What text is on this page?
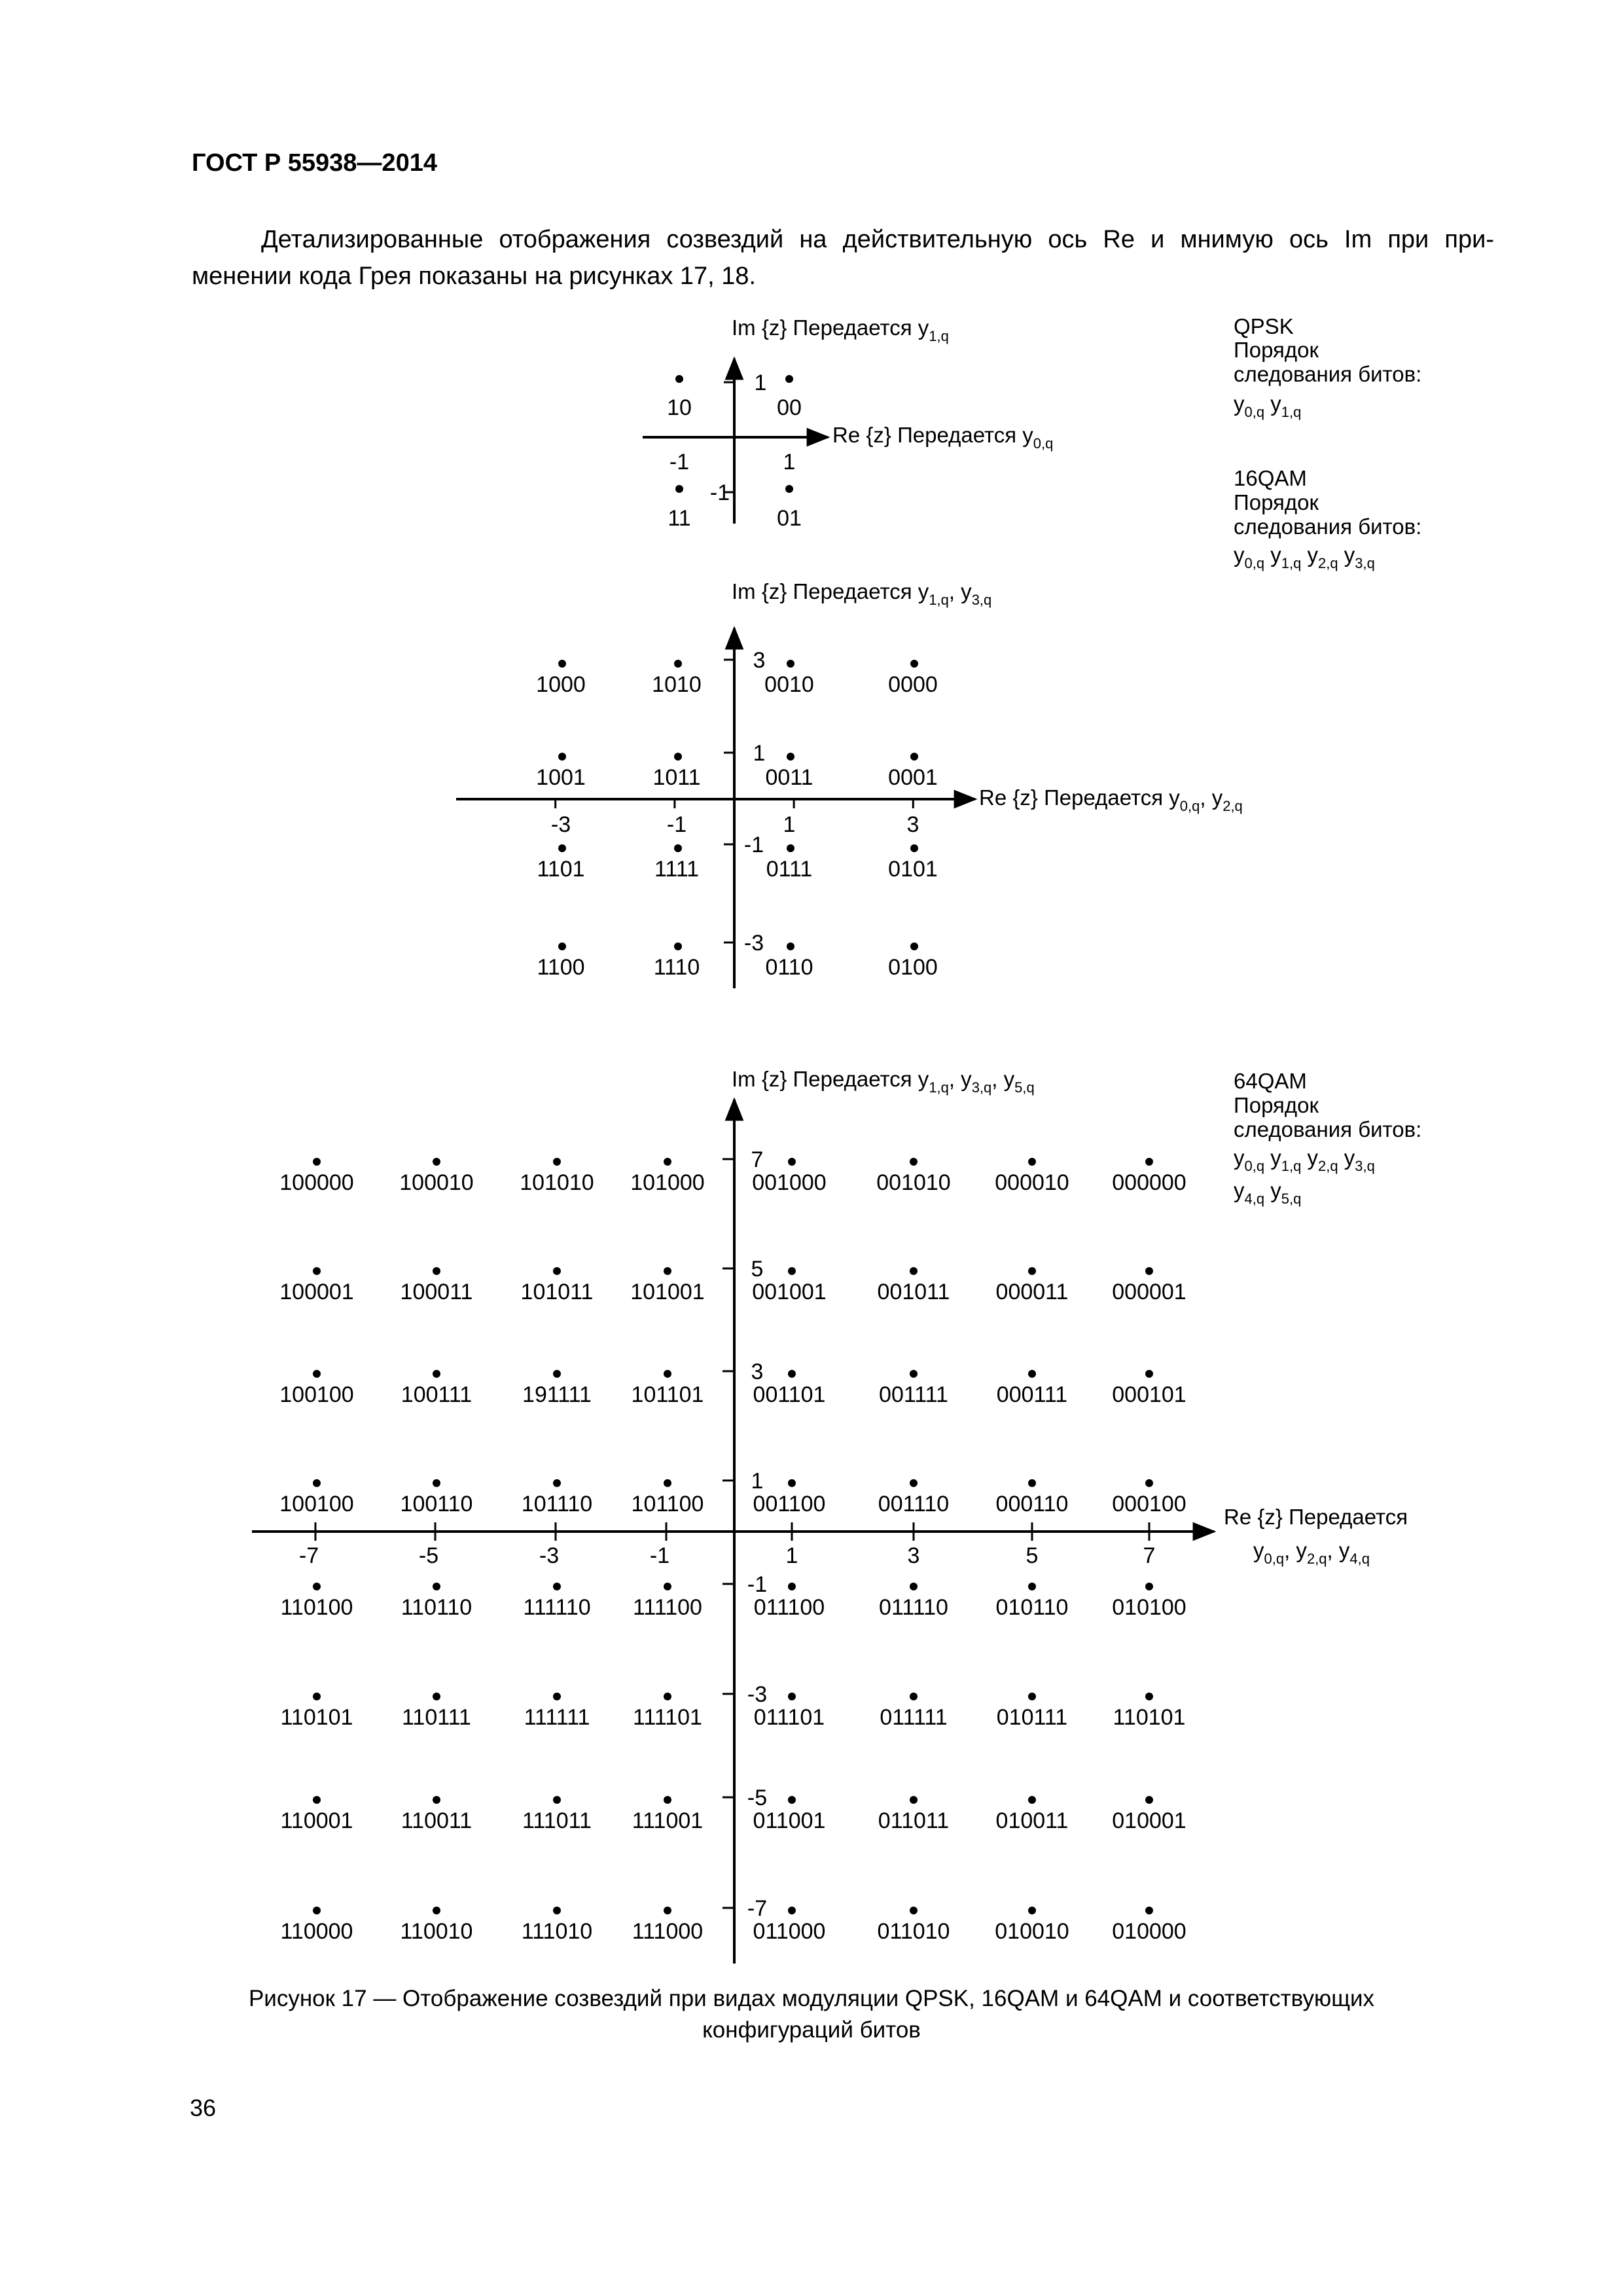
ГОСТ Р 55938—2014
Детализированные отображения созвездий на действительную ось Re и мнимую ось Im при при-
менении кода Грея показаны на рисунках 17, 18.
1
-1
-1	1
10	00
11	01
Im {z} Передается $y_{1,q}$
Re {z} Передается $y_{0,q}$
-3	-1	1	3
3
1
-1
-3
1000	1010	0010	0000
1001	1011	0011	0001
1101	1111	0111	0101
1100	1110	0110	0100
Im {z} Передается $y_{1,q}$, $y_{3,q}$
Re {z} Передается $y_{0,q}$, $y_{2,q}$
-7	-5	-3	-1	1	3	5	7
7
5
3
1
-1
-3
-5
-7
100000 100010 101010 101000 001000 001010 000010 000000
100001 100011 101011 101001 001001 001011 000011 000001
100100 100111 191111 101101 001101 001111 000111 000101
100100 100110 101110 101100 001100 001110 000110 000100
110100 110110 111110 111100 011100 011110 010110 010100
110101 110111 111111 111101 011101 011111 010111 110101
110001 110011 111011 111001 011001 011011 010011 010001
110000 110010 111010 111000 011000 011010 010010 010000
Im {z} Передается $y_{1,q}$, $y_{3,q}$, $y_{5,q}$
Re {z} Передается
$y_{0,q}$, $y_{2,q}$, $y_{4,q}$
QPSK
Порядок
следования битов:
$y_{0,q}$ $y_{1,q}$
16QAM
Порядок
следования битов:
$y_{0,q}$ $y_{1,q}$ $y_{2,q}$ $y_{3,q}$
64QAM
Порядок
следования битов:
$y_{0,q}$ $y_{1,q}$ $y_{2,q}$ $y_{3,q}$
$y_{4,q}$ $y_{5,q}$
Рисунок 17 — Отображение созвездий при видах модуляции QPSK, 16QAM и 64QAM и соответствующих
конфигураций битов
36
